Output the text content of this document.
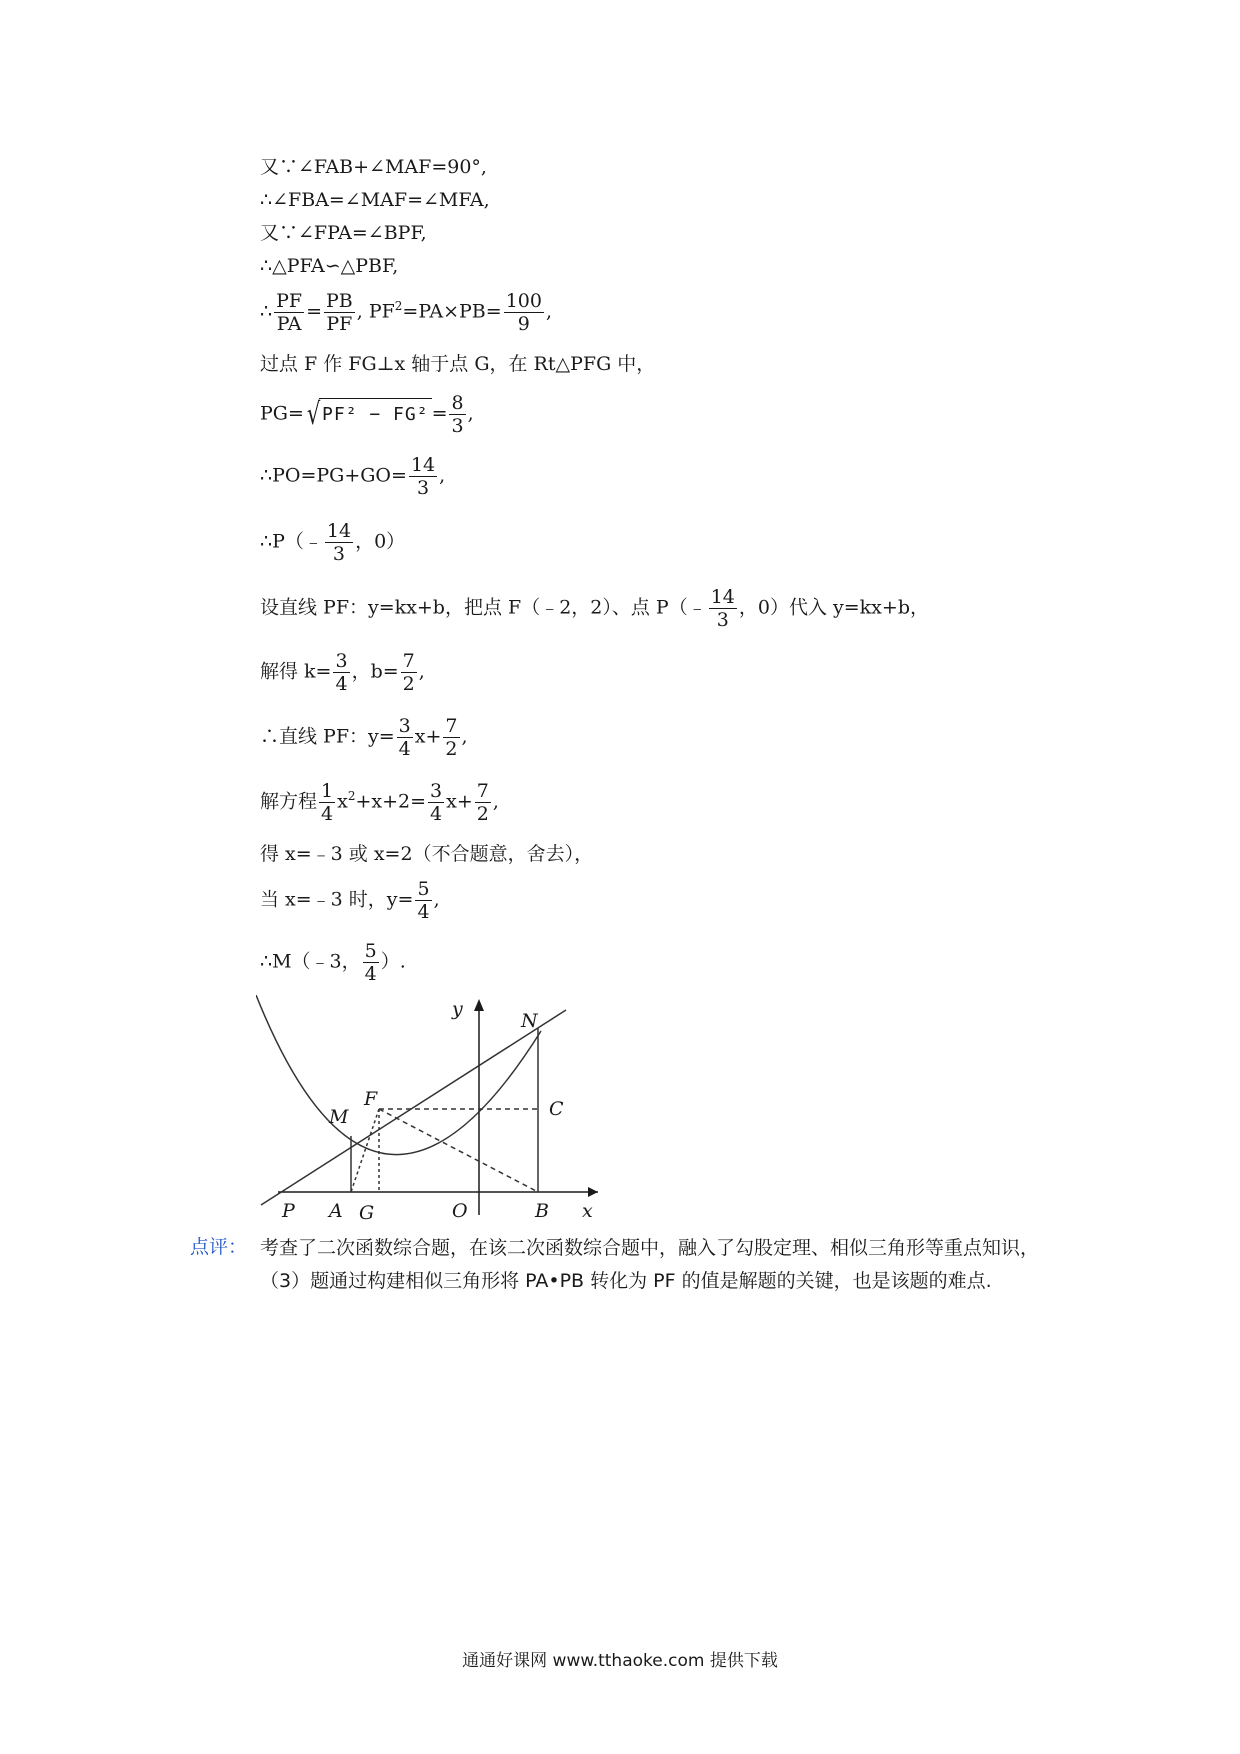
又∵∠FAB+∠MAF=90°,
∴∠FBA=∠MAF=∠MFA,
又∵∠FPA=∠BPF,
∴△PFA∽△PBF,
∴ $\frac{PF}{PA} = \frac{PB}{PF}$ , $PF^2=PA\times PB= \frac{100}{9}$ ,
过点 F 作 FG⊥x 轴于点 G，在 Rt△PFG 中，
PG= √ $PF^2 - FG^2 = \frac{8}{3}$ ,
∴PO=PG+GO= $\frac{14}{3}$ ,
∴P（﹣ $\frac{14}{3}$ ，0）
设直线 PF：y=kx+b，把点 F（﹣2，2）、点 P（﹣ $\frac{14}{3}$ ，0）代入 y=kx+b，
解得 $k= \frac{3}{4}$ ，$b= \frac{7}{2}$ ,
∴直线 PF：$y= \frac{3}{4} x+ \frac{7}{2}$ ,
解方程 $\frac{1}{4} x^2+x+2= \frac{3}{4} x+ \frac{7}{2}$ ,
得 x=﹣3 或 x=2（不合题意，舍去），
当 x=﹣3 时，$y= \frac{5}{4}$ ,
∴M（﹣3， $\frac{5}{4}$ ）.
y
x
N
C
F
M
P A G	O	B
点评： 考查了二次函数综合题，在该二次函数综合题中，融入了勾股定理、相似三角形等重点知识，（3）题通过构建相似三角形将 PA•PB 转化为 PF 的值是解题的关键，也是该题的难点.
通通好课网 www.tthaoke.com 提供下载
